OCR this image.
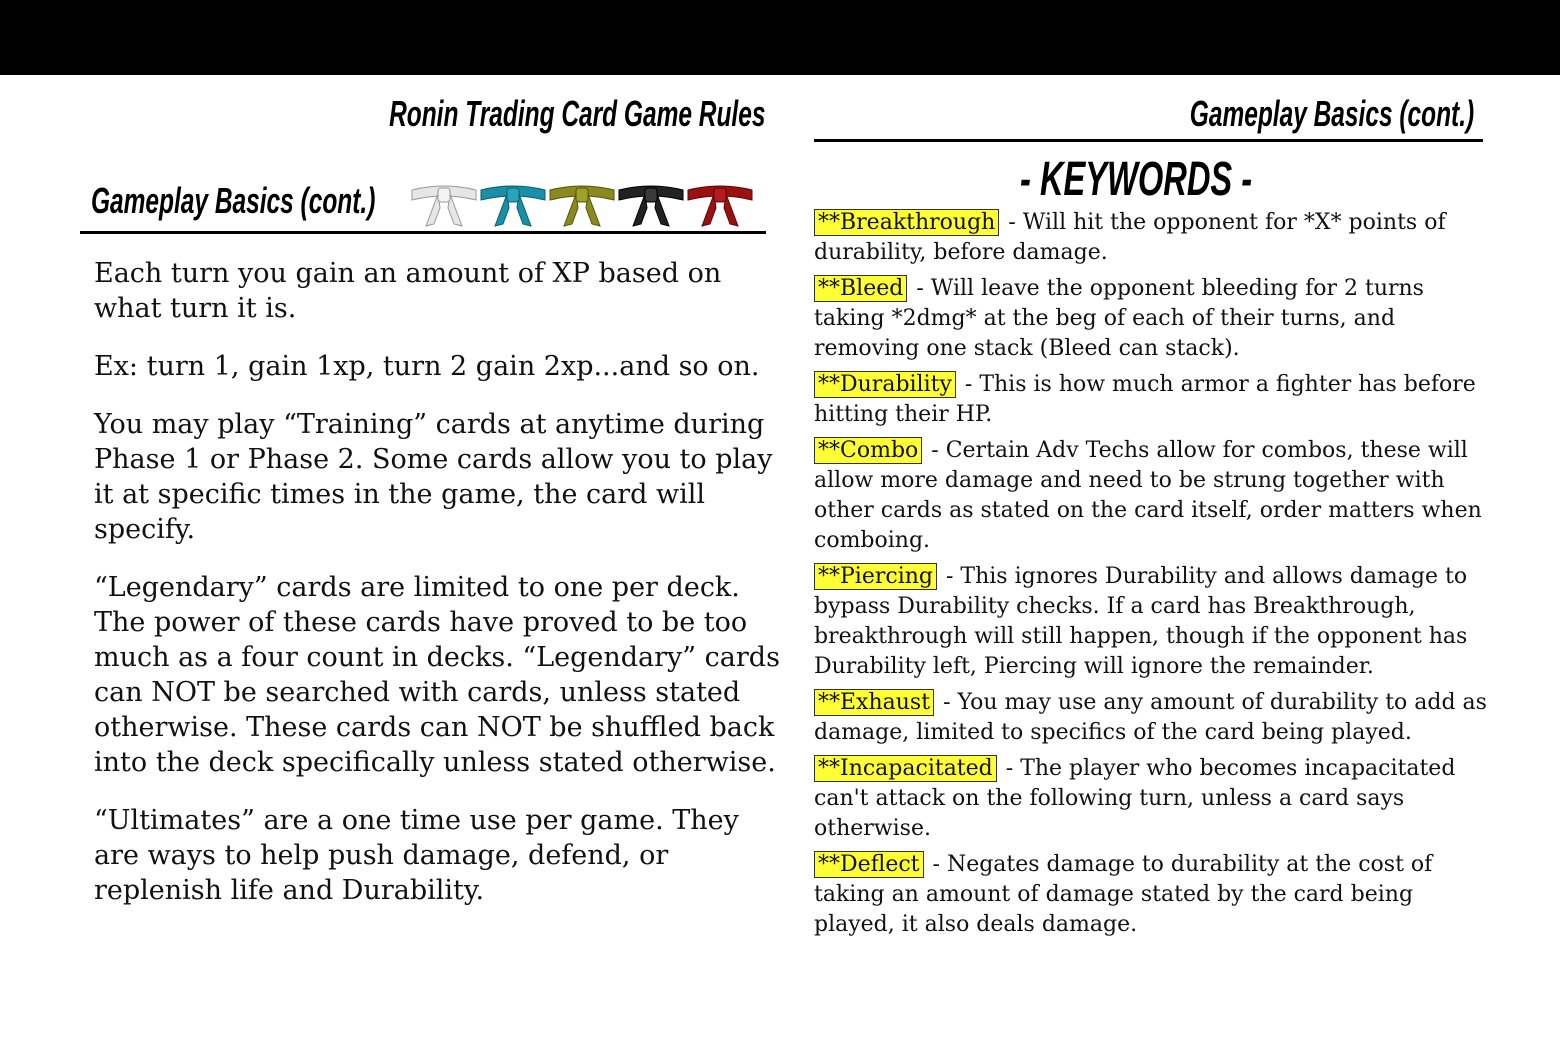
Ronin Trading Card Game Rules
Gameplay Basics (cont.)

Each turn you gain an amount of XP based on what turn it is.

Ex: turn 1, gain 1xp, turn 2 gain 2xp...and so on.

You may play “Training” cards at anytime during Phase 1 or Phase 2. Some cards allow you to play it at specific times in the game, the card will specify.

“Legendary” cards are limited to one per deck. The power of these cards have proved to be too much as a four count in decks. “Legendary” cards can NOT be searched with cards, unless stated otherwise. These cards can NOT be shuffled back into the deck specifically unless stated otherwise.

“Ultimates” are a one time use per game. They are ways to help push damage, defend, or replenish life and Durability.

Gameplay Basics (cont.)
- KEYWORDS -
**Breakthrough - Will hit the opponent for *X* points of durability, before damage.
**Bleed - Will leave the opponent bleeding for 2 turns taking *2dmg* at the beg of each of their turns, and removing one stack (Bleed can stack).
**Durability - This is how much armor a fighter has before hitting their HP.
**Combo - Certain Adv Techs allow for combos, these will allow more damage and need to be strung together with other cards as stated on the card itself, order matters when comboing.
**Piercing - This ignores Durability and allows damage to bypass Durability checks. If a card has Breakthrough, breakthrough will still happen, though if the opponent has Durability left, Piercing will ignore the remainder.
**Exhaust - You may use any amount of durability to add as damage, limited to specifics of the card being played.
**Incapacitated - The player who becomes incapacitated can't attack on the following turn, unless a card says otherwise.
**Deflect - Negates damage to durability at the cost of taking an amount of damage stated by the card being played, it also deals damage.
